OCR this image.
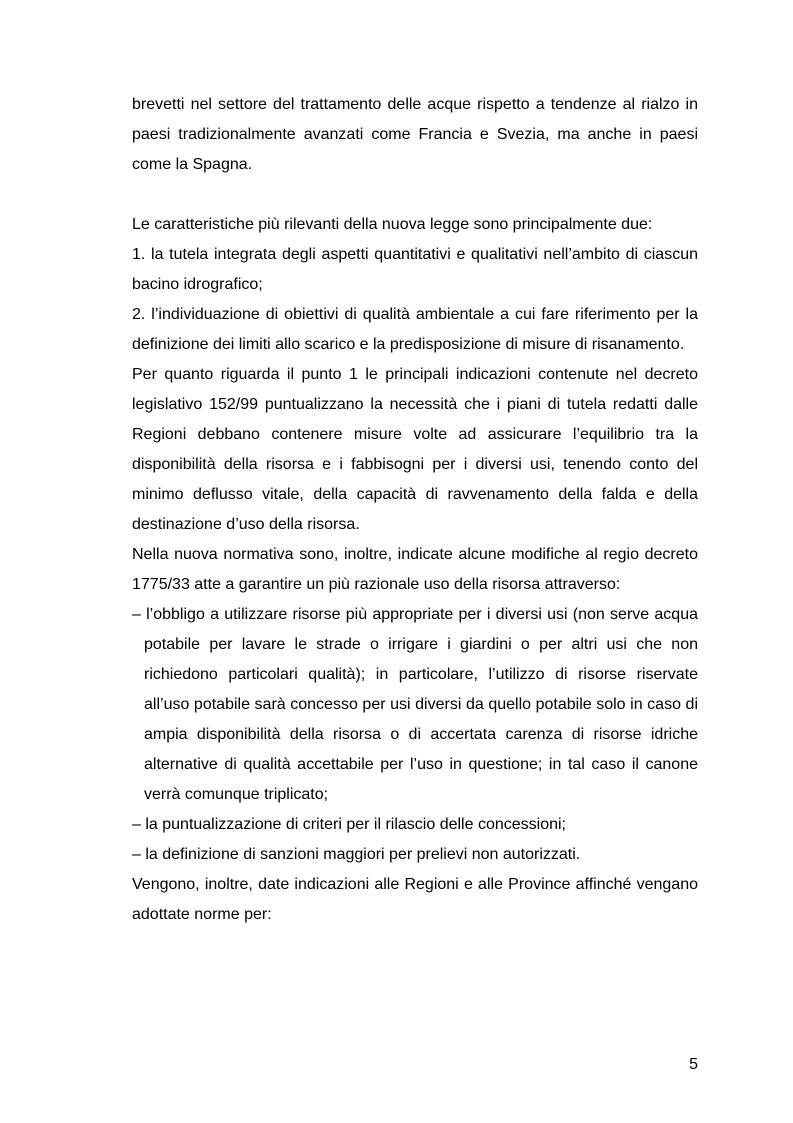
brevetti nel settore del trattamento delle acque rispetto a tendenze al rialzo in paesi tradizionalmente avanzati come Francia e Svezia, ma anche in paesi come la Spagna.

Le caratteristiche più rilevanti della nuova legge sono principalmente due:

1. la tutela integrata degli aspetti quantitativi e qualitativi nell’ambito di ciascun bacino idrografico;

2. l’individuazione di obiettivi di qualità ambientale a cui fare riferimento per la definizione dei limiti allo scarico e la predisposizione di misure di risanamento.

Per quanto riguarda il punto 1 le principali indicazioni contenute nel decreto legislativo 152/99 puntualizzano la necessità che i piani di tutela redatti dalle Regioni debbano contenere misure volte ad assicurare l’equilibrio tra la disponibilità della risorsa e i fabbisogni per i diversi usi, tenendo conto del minimo deflusso vitale, della capacità di ravvenamento della falda e della destinazione d’uso della risorsa.

Nella nuova normativa sono, inoltre, indicate alcune modifiche al regio decreto 1775/33 atte a garantire un più razionale uso della risorsa attraverso:

– l’obbligo a utilizzare risorse più appropriate per i diversi usi (non serve acqua potabile per lavare le strade o irrigare i giardini o per altri usi che non richiedono particolari qualità); in particolare, l’utilizzo di risorse riservate all’uso potabile sarà concesso per usi diversi da quello potabile solo in caso di ampia disponibilità della risorsa o di accertata carenza di risorse idriche alternative di qualità accettabile per l’uso in questione; in tal caso il canone verrà comunque triplicato;
– la puntualizzazione di criteri per il rilascio delle concessioni;
– la definizione di sanzioni maggiori per prelievi non autorizzati.

Vengono, inoltre, date indicazioni alle Regioni e alle Province affinché vengano adottate norme per:

5
